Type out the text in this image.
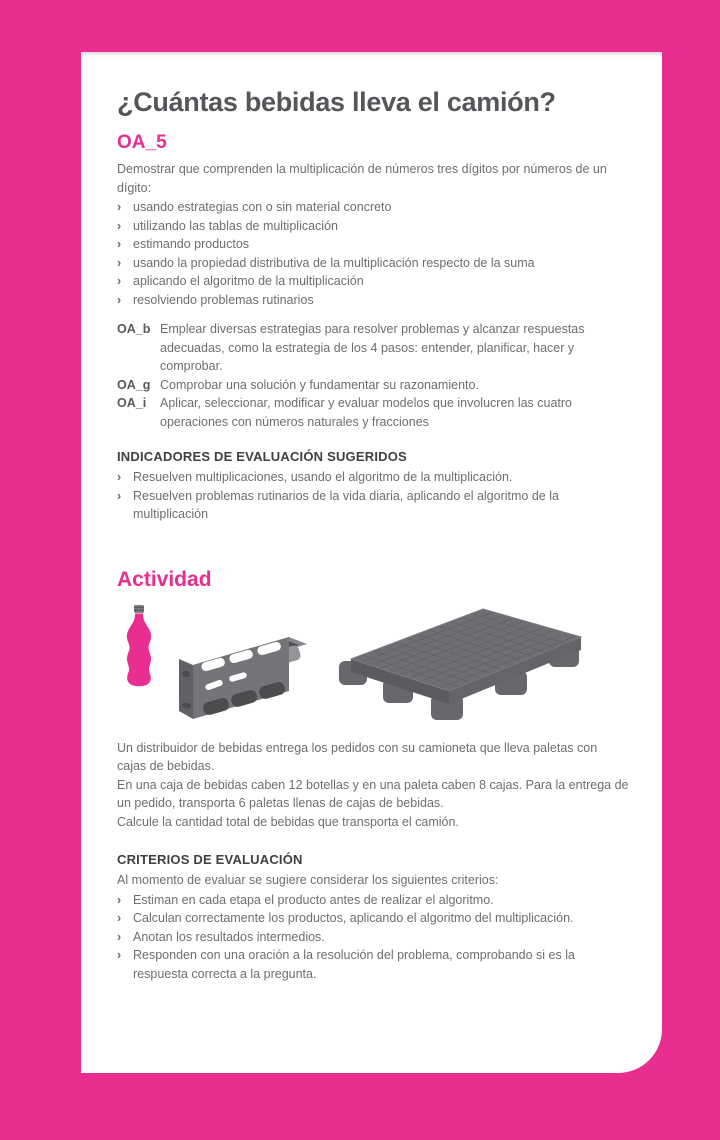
¿Cuántas bebidas lleva el camión?
OA_5

Demostrar que comprenden la multiplicación de números tres dígitos por números de un dígito:

› usando estrategias con o sin material concreto
› utilizando las tablas de multiplicación
› estimando productos
› usando la propiedad distributiva de la multiplicación respecto de la suma
› aplicando el algoritmo de la multiplicación
› resolviendo problemas rutinarios
OA_b Emplear diversas estrategias para resolver problemas y alcanzar respuestas adecuadas, como la estrategia de los 4 pasos: entender, planificar, hacer y comprobar.
OA_g Comprobar una solución y fundamentar su razonamiento.
OA_i	Aplicar, seleccionar, modificar y evaluar modelos que involucren las cuatro operaciones con números naturales y fracciones
INDICADORES DE EVALUACIÓN SUGERIDOS
› Resuelven multiplicaciones, usando el algoritmo de la multiplicación.
› Resuelven problemas rutinarios de la vida diaria, aplicando el algoritmo de la multiplicación
Actividad

Un distribuidor de bebidas entrega los pedidos con su camioneta que lleva paletas con cajas de bebidas.

En una caja de bebidas caben 12 botellas y en una paleta caben 8 cajas. Para la entrega de un pedido, transporta 6 paletas llenas de cajas de bebidas.

Calcule la cantidad total de bebidas que transporta el camión.

CRITERIOS DE EVALUACIÓN

Al momento de evaluar se sugiere considerar los siguientes criterios:

› Estiman en cada etapa el producto antes de realizar el algoritmo.
› Calculan correctamente los productos, aplicando el algoritmo del multiplicación.
› Anotan los resultados intermedios.
› Responden con una oración a la resolución del problema, comprobando si es la respuesta correcta a la pregunta.
